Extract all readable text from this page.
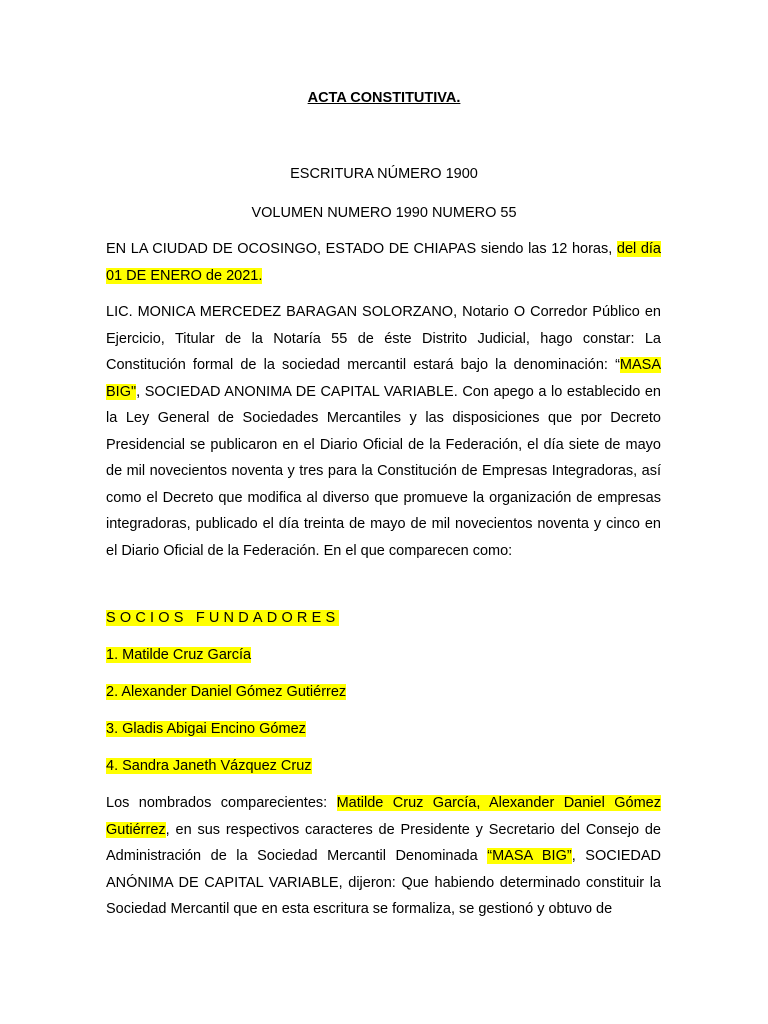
ACTA CONSTITUTIVA.
ESCRITURA NÚMERO 1900
VOLUMEN NUMERO 1990 NUMERO 55
EN LA CIUDAD DE OCOSINGO, ESTADO DE CHIAPAS siendo las 12 horas, del día 01 DE ENERO de 2021.
LIC. MONICA MERCEDEZ BARAGAN SOLORZANO, Notario O Corredor Público en Ejercicio, Titular de la Notaría 55 de éste Distrito Judicial, hago constar: La Constitución formal de la sociedad mercantil estará bajo la denominación: “MASA BIG", SOCIEDAD ANONIMA DE CAPITAL VARIABLE. Con apego a lo establecido en la Ley General de Sociedades Mercantiles y las disposiciones que por Decreto Presidencial se publicaron en el Diario Oficial de la Federación, el día siete de mayo de mil novecientos noventa y tres para la Constitución de Empresas Integradoras, así como el Decreto que modifica al diverso que promueve la organización de empresas integradoras, publicado el día treinta de mayo de mil novecientos noventa y cinco en el Diario Oficial de la Federación. En el que comparecen como:
SOCIOS FUNDADORES
1. Matilde Cruz García
2. Alexander Daniel Gómez Gutiérrez
3. Gladis Abigai Encino Gómez
4. Sandra Janeth Vázquez Cruz
Los nombrados comparecientes: Matilde Cruz García, Alexander Daniel Gómez Gutiérrez, en sus respectivos caracteres de Presidente y Secretario del Consejo de Administración de la Sociedad Mercantil Denominada “MASA BIG”, SOCIEDAD ANÓNIMA DE CAPITAL VARIABLE, dijeron: Que habiendo determinado constituir la Sociedad Mercantil que en esta escritura se formaliza, se gestionó y obtuvo de
